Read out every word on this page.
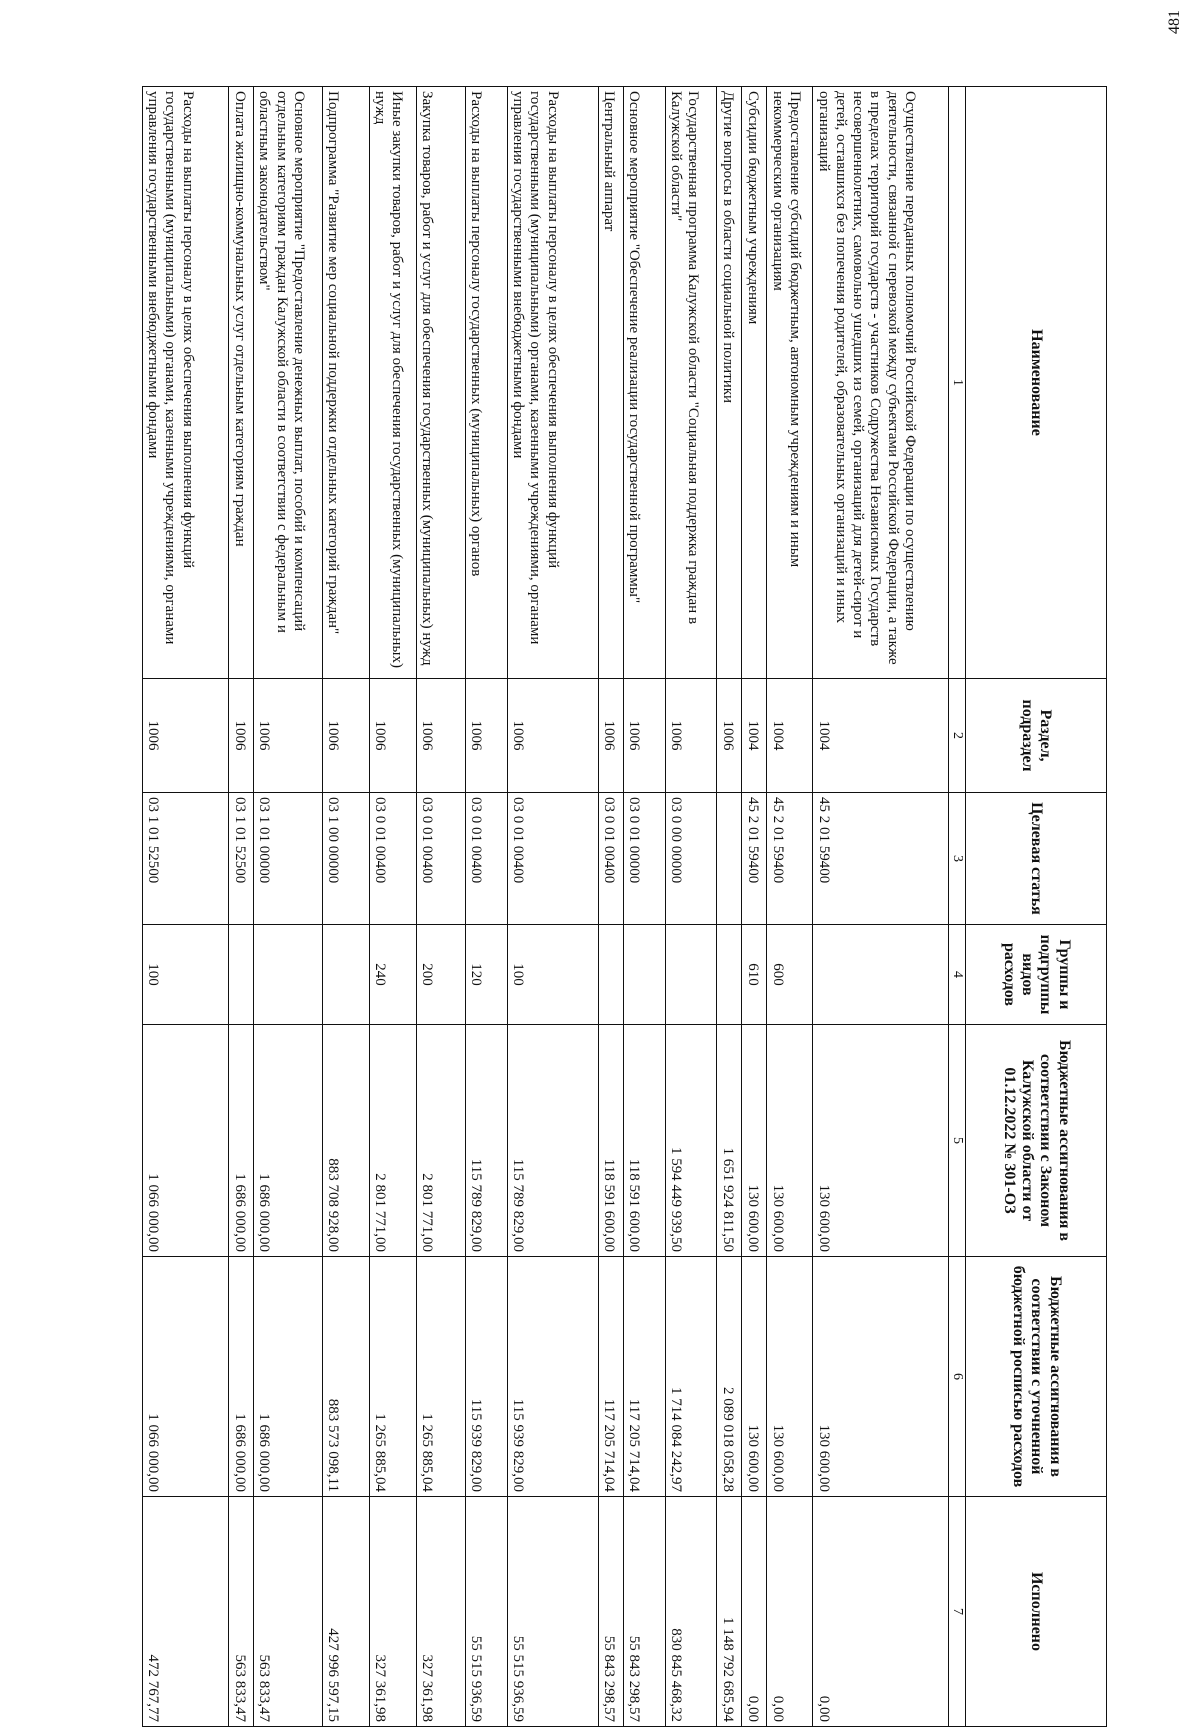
481
Наименование	Раздел, подраздел	Целевая статья	Группы и подгруппы видов расходов	Бюджетные ассигнования в соответствии с Законом Калужской области от 01.12.2022 № 301-ОЗ	Бюджетные ассигнования в соответствии с уточненной бюджетной росписью расходов	Исполнено
1	2	3	4	5	6	7
Осуществление переданных полномочий Российской Федерации по осуществлению деятельности, связанной с перевозкой между субъектами Российской Федерации, а также в пределах территорий государств - участников Содружества Независимых Государств несовершеннолетних, самовольно ушедших из семей, организаций для детей-сирот и детей, оставшихся без попечения родителей, образовательных организаций и иных организаций	1004	45 2 01 59400		130 600,00	130 600,00	0,00
Предоставление субсидий бюджетным, автономным учреждениям и иным некоммерческим организациям	1004	45 2 01 59400	600	130 600,00	130 600,00	0,00
Субсидии бюджетным учреждениям	1004	45 2 01 59400	610	130 600,00	130 600,00	0,00
Другие вопросы в области социальной политики	1006			1 651 924 811,50	2 089 018 058,28	1 148 792 685,94
Государственная программа Калужской области "Социальная поддержка граждан в Калужской области"	1006	03 0 00 00000		1 594 449 939,50	1 714 084 242,97	830 845 468,32
Основное мероприятие "Обеспечение реализации государственной программы"	1006	03 0 01 00000		118 591 600,00	117 205 714,04	55 843 298,57
Центральный аппарат	1006	03 0 01 00400		118 591 600,00	117 205 714,04	55 843 298,57
Расходы на выплаты персоналу в целях обеспечения выполнения функций государственными (муниципальными) органами, казенными учреждениями, органами управления государственными внебюджетными фондами	1006	03 0 01 00400	100	115 789 829,00	115 939 829,00	55 515 936,59
Расходы на выплаты персоналу государственных (муниципальных) органов	1006	03 0 01 00400	120	115 789 829,00	115 939 829,00	55 515 936,59
Закупка товаров, работ и услуг для обеспечения государственных (муниципальных) нужд	1006	03 0 01 00400	200	2 801 771,00	1 265 885,04	327 361,98
Иные закупки товаров, работ и услуг для обеспечения государственных (муниципальных) нужд	1006	03 0 01 00400	240	2 801 771,00	1 265 885,04	327 361,98
Подпрограмма "Развитие мер социальной поддержки отдельных категорий граждан"	1006	03 1 00 00000		883 708 928,00	883 573 098,11	427 996 597,15
Основное мероприятие "Предоставление денежных выплат, пособий и компенсаций отдельным категориям граждан Калужской области в соответствии с федеральным и областным законодательством"	1006	03 1 01 00000		1 686 000,00	1 686 000,00	563 833,47
Оплата жилищно-коммунальных услуг отдельным категориям граждан	1006	03 1 01 52500		1 686 000,00	1 686 000,00	563 833,47
Расходы на выплаты персоналу в целях обеспечения выполнения функций государственными (муниципальными) органами, казенными учреждениями, органами управления государственными внебюджетными фондами	1006	03 1 01 52500	100	1 066 000,00	1 066 000,00	472 767,77
